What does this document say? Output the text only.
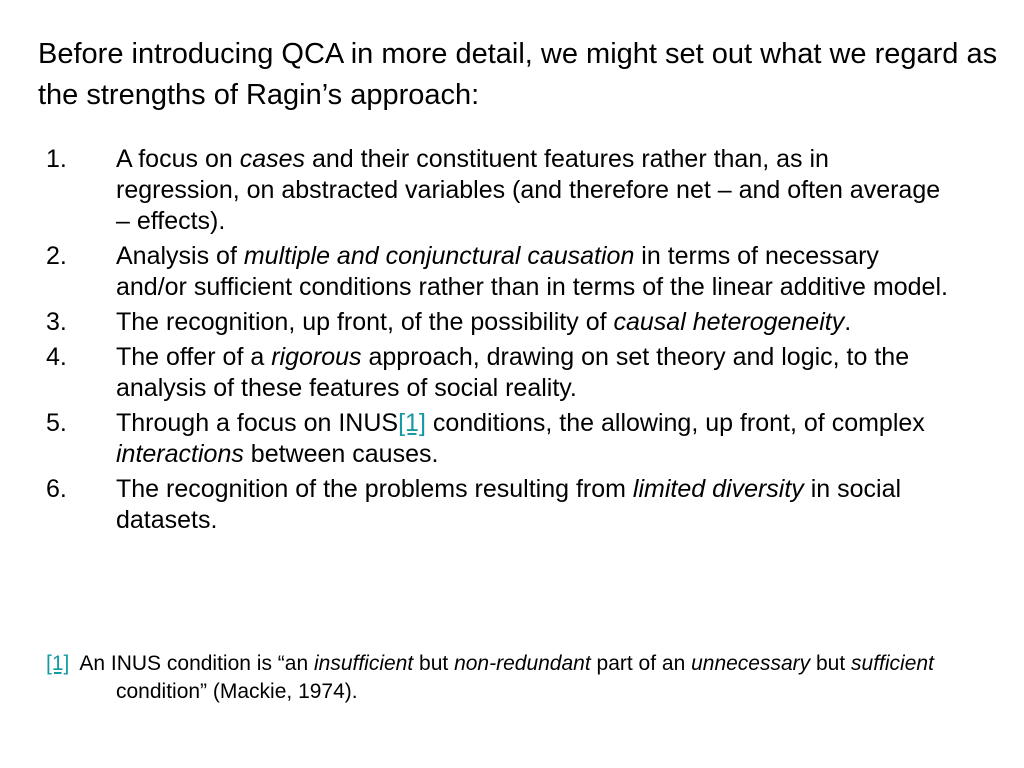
Before introducing QCA in more detail, we might set out what we regard as the strengths of Ragin’s approach:
1. A focus on cases and their constituent features rather than, as in regression, on abstracted variables (and therefore net – and often average – effects).
2. Analysis of multiple and conjunctural causation in terms of necessary and/or sufficient conditions rather than in terms of the linear additive model.
3. The recognition, up front, of the possibility of causal heterogeneity.
4. The offer of a rigorous approach, drawing on set theory and logic, to the analysis of these features of social reality.
5. Through a focus on INUS[1] conditions, the allowing, up front, of complex interactions between causes.
6. The recognition of the problems resulting from limited diversity in social datasets.
[1] An INUS condition is “an insufficient but non-redundant part of an unnecessary but sufficient condition” (Mackie, 1974).
